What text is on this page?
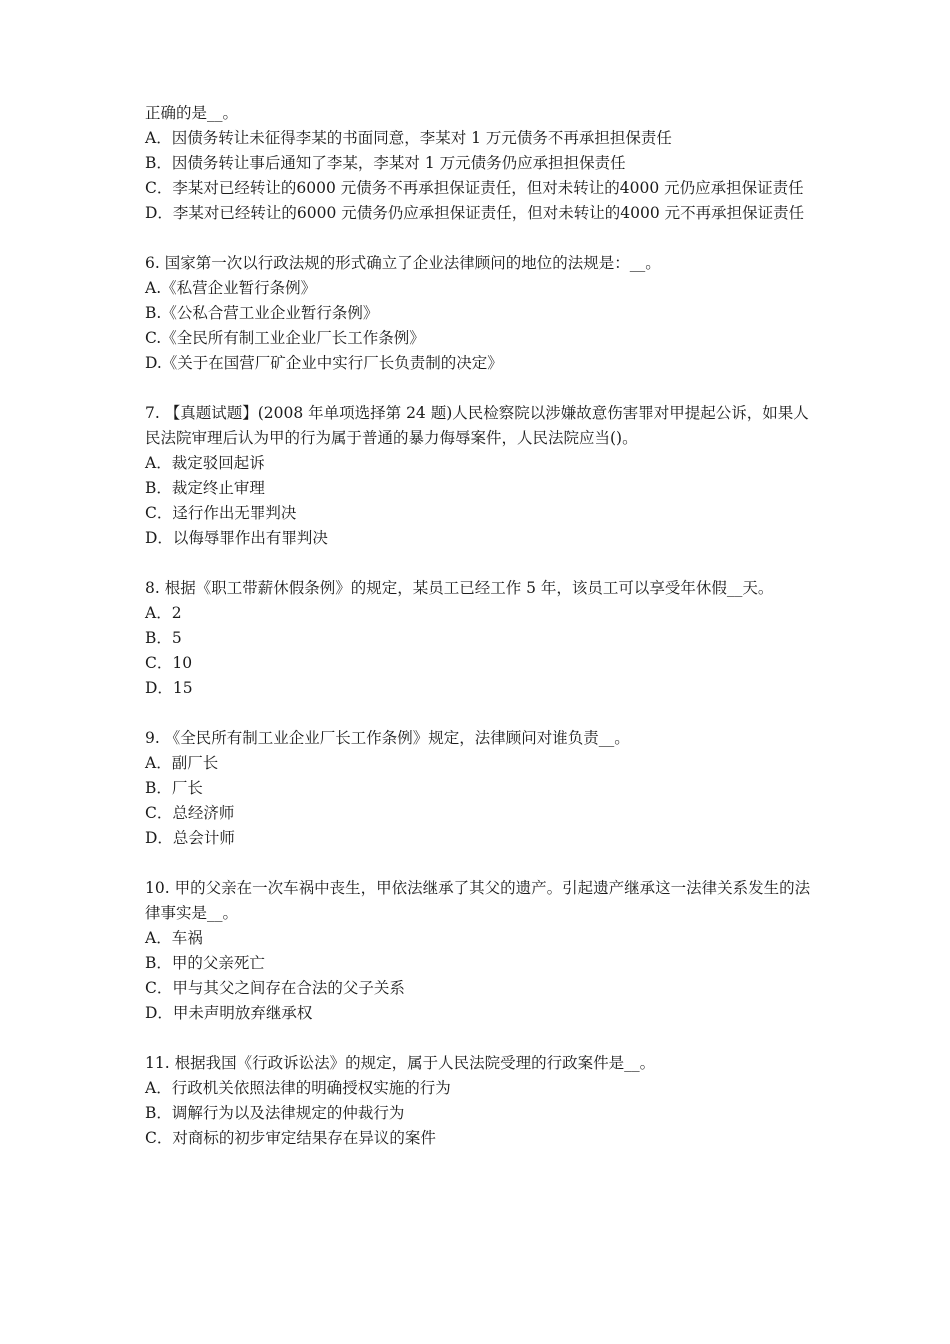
正确的是__。

A．因债务转让未征得李某的书面同意，李某对 1 万元债务不再承担担保责任

B．因债务转让事后通知了李某，李某对 1 万元债务仍应承担担保责任

C．李某对已经转让的6000 元债务不再承担保证责任，但对未转让的4000 元仍应承担保证责任

D．李某对已经转让的6000 元债务仍应承担保证责任，但对未转让的4000 元不再承担保证责任

6. 国家第一次以行政法规的形式确立了企业法律顾问的地位的法规是：__。

A.《私营企业暂行条例》

B.《公私合营工业企业暂行条例》

C.《全民所有制工业企业厂长工作条例》

D.《关于在国营厂矿企业中实行厂长负责制的决定》

7. 【真题试题】(2008 年单项选择第 24 题)人民检察院以涉嫌故意伤害罪对甲提起公诉，如果人民法院审理后认为甲的行为属于普通的暴力侮辱案件，人民法院应当()。

A．裁定驳回起诉

B．裁定终止审理

C．迳行作出无罪判决

D．以侮辱罪作出有罪判决

8. 根据《职工带薪休假条例》的规定，某员工已经工作 5 年，该员工可以享受年休假__天。

A．2

B．5

C．10

D．15

9. 《全民所有制工业企业厂长工作条例》规定，法律顾问对谁负责__。

A．副厂长

B．厂长

C．总经济师

D．总会计师

10. 甲的父亲在一次车祸中丧生，甲依法继承了其父的遗产。引起遗产继承这一法律关系发生的法律事实是__。

A．车祸

B．甲的父亲死亡

C．甲与其父之间存在合法的父子关系

D．甲未声明放弃继承权

11. 根据我国《行政诉讼法》的规定，属于人民法院受理的行政案件是__。

A．行政机关依照法律的明确授权实施的行为

B．调解行为以及法律规定的仲裁行为

C．对商标的初步审定结果存在异议的案件
